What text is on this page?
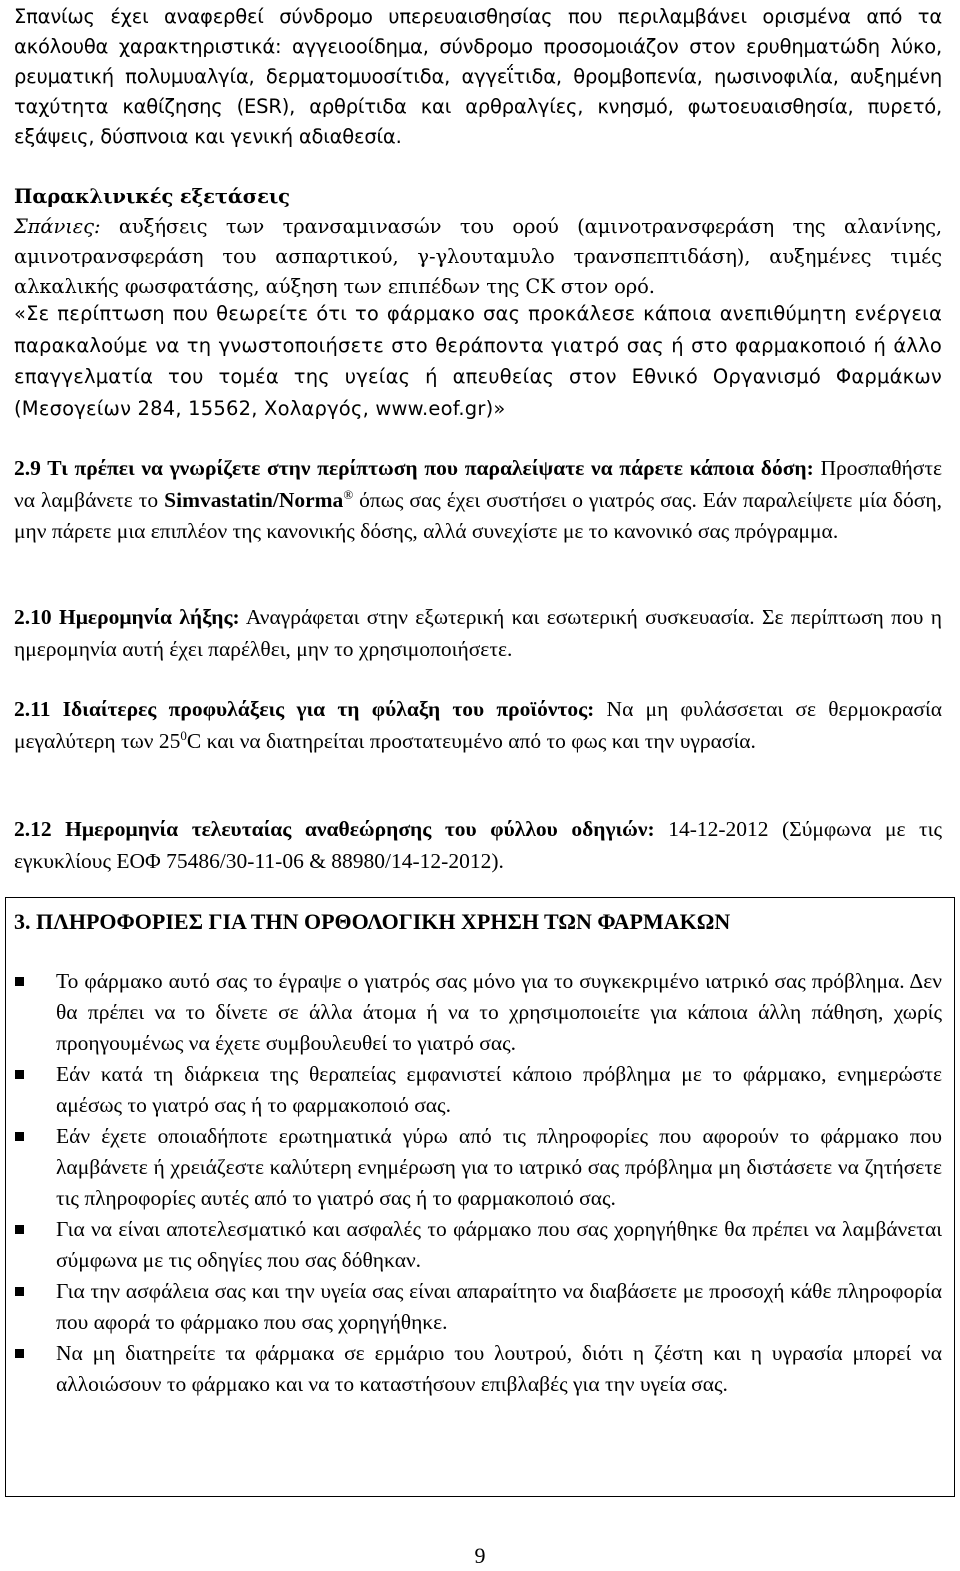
Σπανίως έχει αναφερθεί σύνδρομο υπερευαισθησίας που περιλαμβάνει ορισμένα από τα ακόλουθα χαρακτηριστικά: αγγειοοίδημα, σύνδρομο προσομοιάζον στον ερυθηματώδη λύκο, ρευματική πολυμυαλγία, δερματομυοσίτιδα, αγγεΐτιδα, θρομβοπενία, ηωσινοφιλία, αυξημένη ταχύτητα καθίζησης (ESR), αρθρίτιδα και αρθραλγίες, κνησμό, φωτοευαισθησία, πυρετό, εξάψεις, δύσπνοια και γενική αδιαθεσία.
Παρακλινικές εξετάσεις
Σπάνιες: αυξήσεις των τρανσαμινασών του ορού (αμινοτρανσφεράση της αλανίνης, αμινοτρανσφεράση του ασπαρτικού, γ-γλουταμυλο τρανσπεπτιδάση), αυξημένες τιμές αλκαλικής φωσφατάσης, αύξηση των επιπέδων της CK στον ορό.
«Σε περίπτωση που θεωρείτε ότι το φάρμακο σας προκάλεσε κάποια ανεπιθύμητη ενέργεια παρακαλούμε να τη γνωστοποιήσετε στο θεράποντα γιατρό σας ή στο φαρμακοποιό ή άλλο επαγγελματία του τομέα της υγείας ή απευθείας στον Εθνικό Οργανισμό Φαρμάκων (Μεσογείων 284, 15562, Χολαργός, www.eof.gr)»
2.9 Τι πρέπει να γνωρίζετε στην περίπτωση που παραλείψατε να πάρετε κάποια δόση: Προσπαθήστε να λαμβάνετε το Simvastatin/Norma® όπως σας έχει συστήσει ο γιατρός σας. Εάν παραλείψετε μία δόση, μην πάρετε μια επιπλέον της κανονικής δόσης, αλλά συνεχίστε με το κανονικό σας πρόγραμμα.
2.10 Ημερομηνία λήξης: Αναγράφεται στην εξωτερική και εσωτερική συσκευασία. Σε περίπτωση που η ημερομηνία αυτή έχει παρέλθει, μην το χρησιμοποιήσετε.
2.11 Ιδιαίτερες προφυλάξεις για τη φύλαξη του προϊόντος: Να μη φυλάσσεται σε θερμοκρασία μεγαλύτερη των $25^0C$ και να διατηρείται προστατευμένο από το φως και την υγρασία.
2.12 Ημερομηνία τελευταίας αναθεώρησης του φύλλου οδηγιών: 14-12-2012 (Σύμφωνα με τις εγκυκλίους ΕΟΦ 75486/30-11-06 & 88980/14-12-2012).
3. ΠΛΗΡΟΦΟΡΙΕΣ ΓΙΑ ΤΗΝ ΟΡΘΟΛΟΓΙΚΗ ΧΡΗΣΗ ΤΩΝ ΦΑΡΜΑΚΩΝ
Το φάρμακο αυτό σας το έγραψε ο γιατρός σας μόνο για το συγκεκριμένο ιατρικό σας πρόβλημα. Δεν θα πρέπει να το δίνετε σε άλλα άτομα ή να το χρησιμοποιείτε για κάποια άλλη πάθηση, χωρίς προηγουμένως να έχετε συμβουλευθεί το γιατρό σας.
Εάν κατά τη διάρκεια της θεραπείας εμφανιστεί κάποιο πρόβλημα με το φάρμακο, ενημερώστε αμέσως το γιατρό σας ή το φαρμακοποιό σας.
Εάν έχετε οποιαδήποτε ερωτηματικά γύρω από τις πληροφορίες που αφορούν το φάρμακο που λαμβάνετε ή χρειάζεστε καλύτερη ενημέρωση για το ιατρικό σας πρόβλημα μη διστάσετε να ζητήσετε τις πληροφορίες αυτές από το γιατρό σας ή το φαρμακοποιό σας.
Για να είναι αποτελεσματικό και ασφαλές το φάρμακο που σας χορηγήθηκε θα πρέπει να λαμβάνεται σύμφωνα με τις οδηγίες που σας δόθηκαν.
Για την ασφάλεια σας και την υγεία σας είναι απαραίτητο να διαβάσετε με προσοχή κάθε πληροφορία που αφορά το φάρμακο που σας χορηγήθηκε.
Να μη διατηρείτε τα φάρμακα σε ερμάριο του λουτρού, διότι η ζέστη και η υγρασία μπορεί να αλλοιώσουν το φάρμακο και να το καταστήσουν επιβλαβές για την υγεία σας.
9
